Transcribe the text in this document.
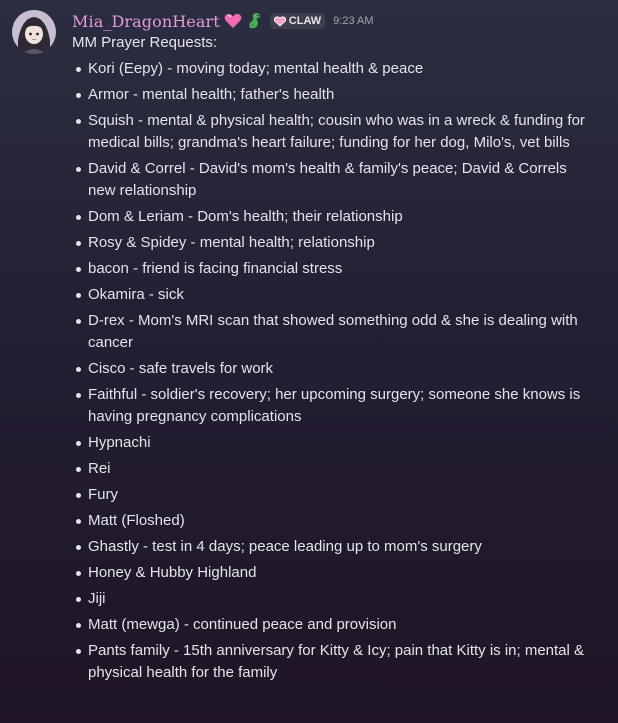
Mia_DragonHeart	CLAW 9:23 AM
MM Prayer Requests:
Kori (Eepy) - moving today; mental health & peace
Armor - mental health; father's health
Squish - mental & physical health; cousin who was in a wreck & funding for medical bills; grandma's heart failure; funding for her dog, Milo's, vet bills
David & Correl - David's mom's health & family's peace; David & Correls new relationship
Dom & Leriam - Dom's health; their relationship
Rosy & Spidey - mental health; relationship
bacon - friend is facing financial stress
Okamira - sick
D-rex - Mom's MRI scan that showed something odd & she is dealing with cancer
Cisco - safe travels for work
Faithful - soldier's recovery; her upcoming surgery; someone she knows is having pregnancy complications
Hypnachi
Rei
Fury
Matt (Floshed)
Ghastly - test in 4 days; peace leading up to mom's surgery
Honey & Hubby Highland
Jiji
Matt (mewga) - continued peace and provision
Pants family - 15th anniversary for Kitty & Icy; pain that Kitty is in; mental & physical health for the family
